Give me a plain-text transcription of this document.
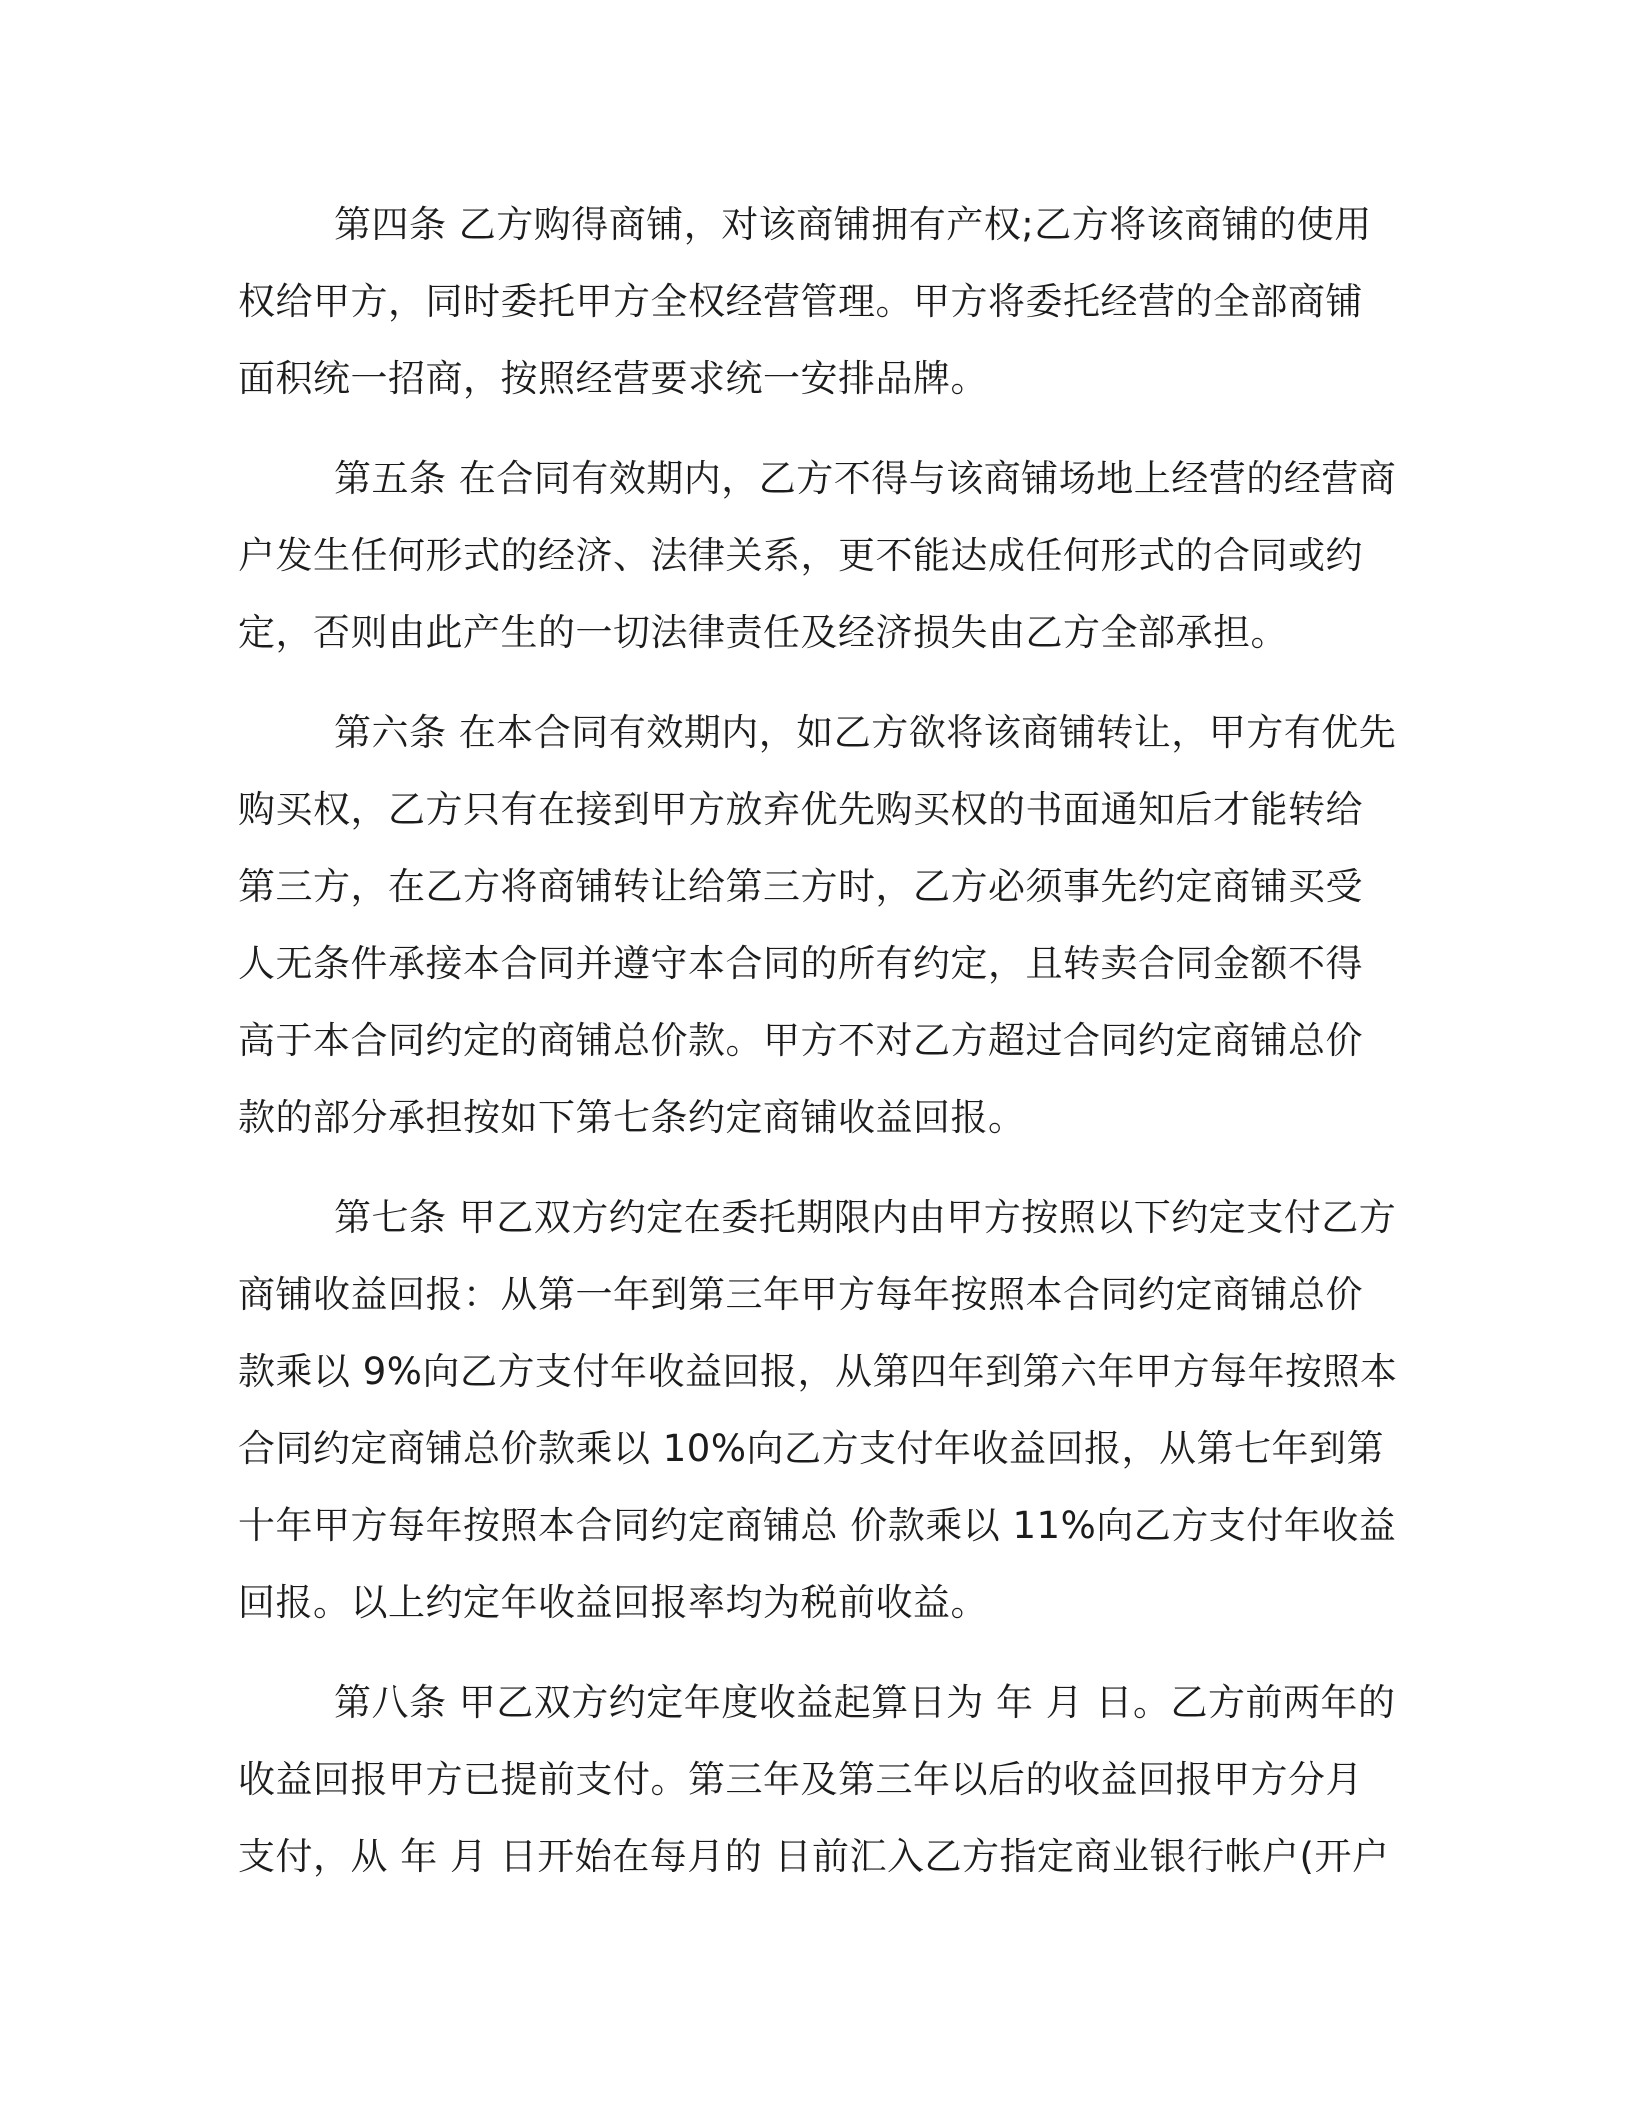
第四条 乙方购得商铺，对该商铺拥有产权;乙方将该商铺的使用
权给甲方，同时委托甲方全权经营管理。甲方将委托经营的全部商铺
面积统一招商，按照经营要求统一安排品牌。

第五条 在合同有效期内，乙方不得与该商铺场地上经营的经营商
户发生任何形式的经济、法律关系，更不能达成任何形式的合同或约
定，否则由此产生的一切法律责任及经济损失由乙方全部承担。

第六条 在本合同有效期内，如乙方欲将该商铺转让，甲方有优先
购买权，乙方只有在接到甲方放弃优先购买权的书面通知后才能转给
第三方，在乙方将商铺转让给第三方时，乙方必须事先约定商铺买受
人无条件承接本合同并遵守本合同的所有约定，且转卖合同金额不得
高于本合同约定的商铺总价款。甲方不对乙方超过合同约定商铺总价
款的部分承担按如下第七条约定商铺收益回报。

第七条 甲乙双方约定在委托期限内由甲方按照以下约定支付乙方
商铺收益回报：从第一年到第三年甲方每年按照本合同约定商铺总价
款乘以 9%向乙方支付年收益回报，从第四年到第六年甲方每年按照本
合同约定商铺总价款乘以 10%向乙方支付年收益回报，从第七年到第
十年甲方每年按照本合同约定商铺总 价款乘以 11%向乙方支付年收益
回报。以上约定年收益回报率均为税前收益。

第八条 甲乙双方约定年度收益起算日为 年 月 日。乙方前两年的
收益回报甲方已提前支付。第三年及第三年以后的收益回报甲方分月
支付，从 年 月 日开始在每月的 日前汇入乙方指定商业银行帐户(开户
